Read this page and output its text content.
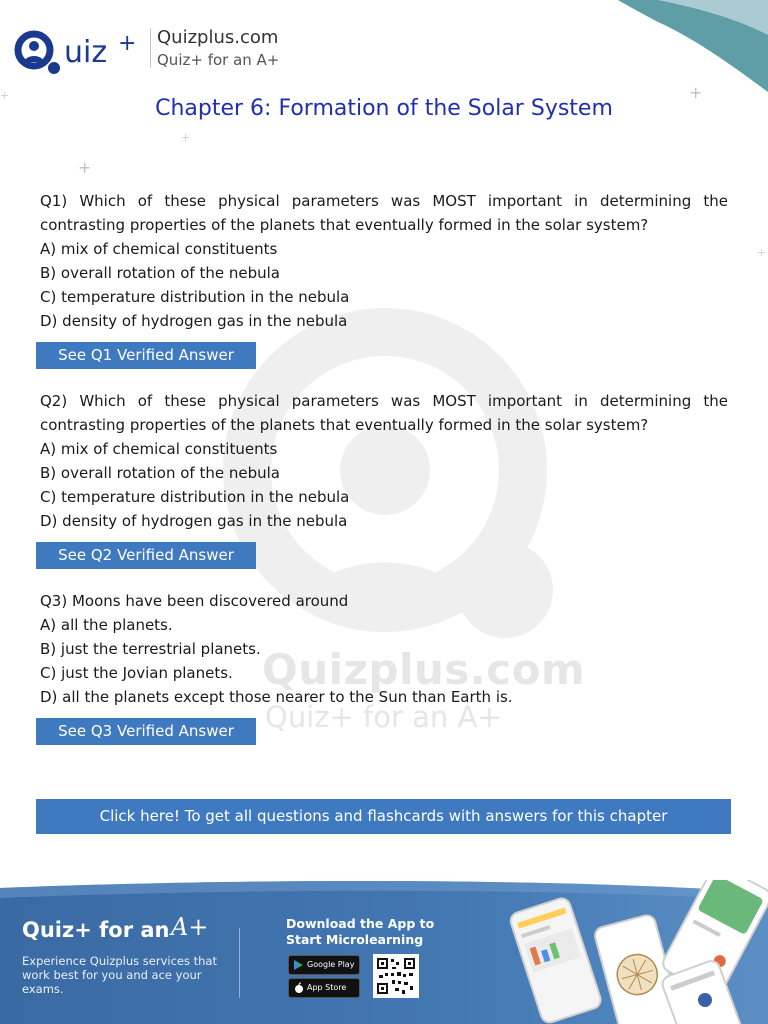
Quizplus.com
Quiz+ for an A+
uiz + Quizplus.com
Quiz+ for an A+
+
+
+
+
+
Chapter 6: Formation of the Solar System
Q1) Which of these physical parameters was MOST important in determining the contrasting properties of the planets that eventually formed in the solar system?
A) mix of chemical constituents
B) overall rotation of the nebula
C) temperature distribution in the nebula
D) density of hydrogen gas in the nebula
See Q1 Verified Answer
Q2) Which of these physical parameters was MOST important in determining the contrasting properties of the planets that eventually formed in the solar system?
A) mix of chemical constituents
B) overall rotation of the nebula
C) temperature distribution in the nebula
D) density of hydrogen gas in the nebula
See Q2 Verified Answer
Q3) Moons have been discovered around
A) all the planets.
B) just the terrestrial planets.
C) just the Jovian planets.
D) all the planets except those nearer to the Sun than Earth is.
See Q3 Verified Answer
Click here! To get all questions and flashcards with answers for this chapter
Quiz+ for an A+
Experience Quizplus services that work best for you and ace your exams.
Download the App to Start Microlearning
Google Play
App Store
